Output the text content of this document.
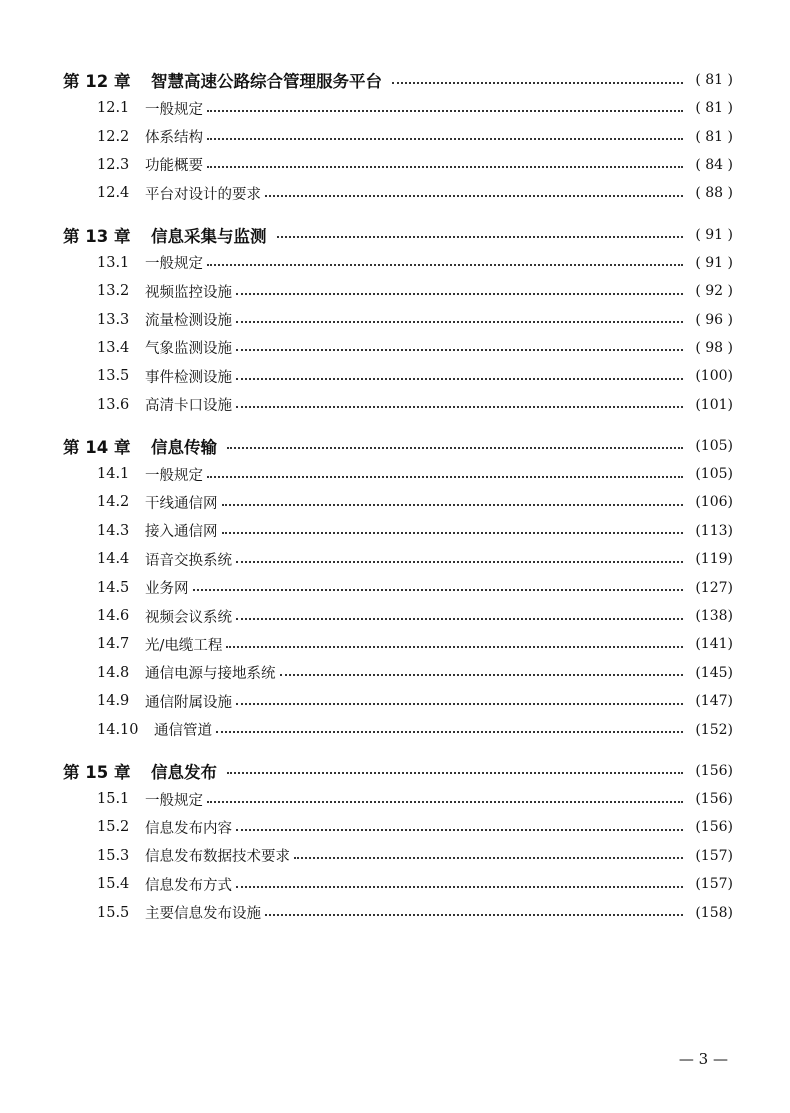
第 12 章	智慧高速公路综合管理服务平台	( 81 )
12.1	一般规定	( 81 )
12.2	体系结构	( 81 )
12.3	功能概要	( 84 )
12.4	平台对设计的要求	( 88 )
第 13 章	信息采集与监测	( 91 )
13.1	一般规定	( 91 )
13.2	视频监控设施	( 92 )
13.3	流量检测设施	( 96 )
13.4	气象监测设施	( 98 )
13.5	事件检测设施	(100)
13.6	高清卡口设施	(101)
第 14 章	信息传输	(105)
14.1	一般规定	(105)
14.2	干线通信网	(106)
14.3	接入通信网	(113)
14.4	语音交换系统	(119)
14.5	业务网	(127)
14.6	视频会议系统	(138)
14.7	光/电缆工程	(141)
14.8	通信电源与接地系统	(145)
14.9	通信附属设施	(147)
14.10	通信管道	(152)
第 15 章	信息发布	(156)
15.1	一般规定	(156)
15.2	信息发布内容	(156)
15.3	信息发布数据技术要求	(157)
15.4	信息发布方式	(157)
15.5	主要信息发布设施	(158)
— 3 —
